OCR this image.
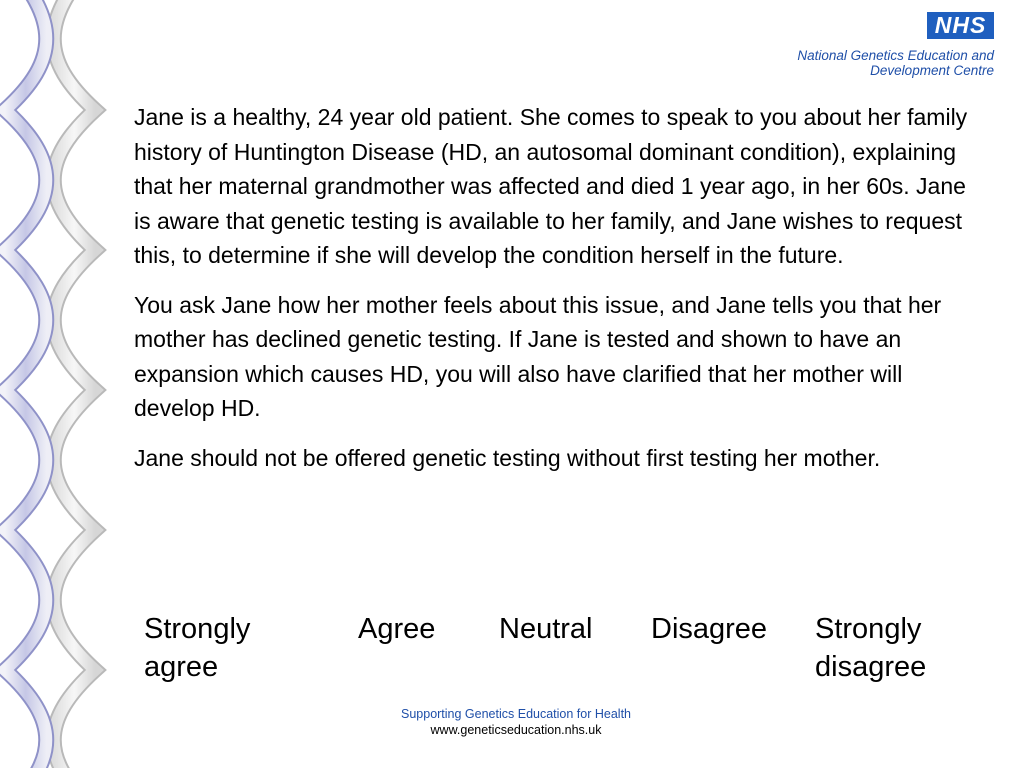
NHS
National Genetics Education and
Development Centre

Jane is a healthy, 24 year old patient. She comes to speak to you about her family history of Huntington Disease (HD, an autosomal dominant condition), explaining that her maternal grandmother was affected and died 1 year ago, in her 60s. Jane is aware that genetic testing is available to her family, and Jane wishes to request this, to determine if she will develop the condition herself in the future.

You ask Jane how her mother feels about this issue, and Jane tells you that her mother has declined genetic testing. If Jane is tested and shown to have an expansion which causes HD, you will also have clarified that her mother will develop HD.

Jane should not be offered genetic testing without first testing her mother.

Strongly agree
Agree	Neutral	Disagree	Strongly disagree
Supporting Genetics Education for Health
www.geneticseducation.nhs.uk
